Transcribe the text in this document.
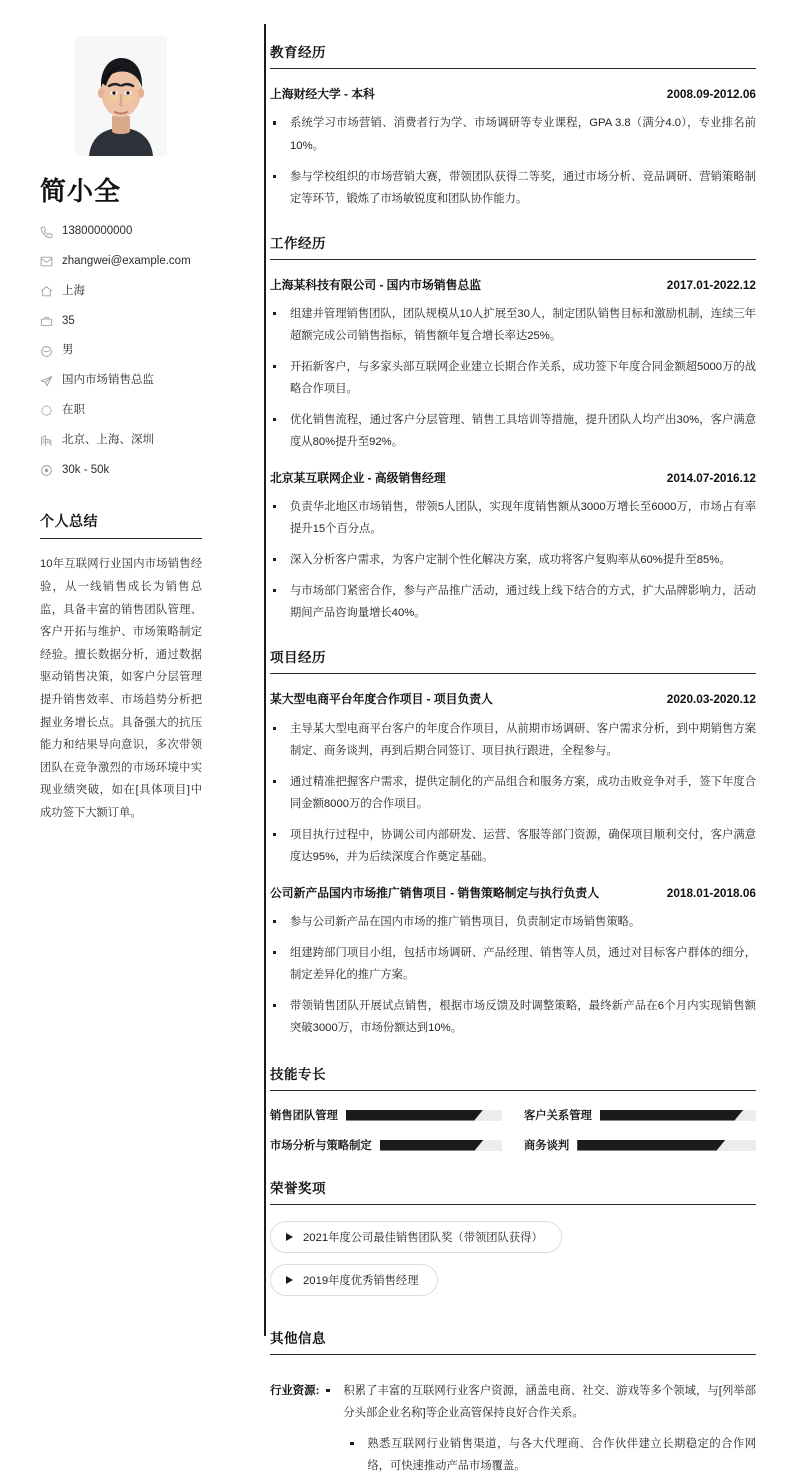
简小全
13800000000
zhangwei@example.com
上海
35
男
国内市场销售总监
在职
北京、上海、深圳
30k - 50k
个人总结

10年互联网行业国内市场销售经验，从一线销售成长为销售总监，具备丰富的销售团队管理、客户开拓与维护、市场策略制定经验。擅长数据分析，通过数据驱动销售决策，如客户分层管理提升销售效率、市场趋势分析把握业务增长点。具备强大的抗压能力和结果导向意识，多次带领团队在竞争激烈的市场环境中实现业绩突破，如在[具体项目]中成功签下大额订单。

教育经历
上海财经大学 - 本科	2008.09-2012.06
系统学习市场营销、消费者行为学、市场调研等专业课程，GPA 3.8（满分4.0），专业排名前10%。
参与学校组织的市场营销大赛，带领团队获得二等奖，通过市场分析、竞品调研、营销策略制定等环节，锻炼了市场敏锐度和团队协作能力。
工作经历
上海某科技有限公司 - 国内市场销售总监	2017.01-2022.12
组建并管理销售团队，团队规模从10人扩展至30人，制定团队销售目标和激励机制，连续三年超额完成公司销售指标，销售额年复合增长率达25%。
开拓新客户，与多家头部互联网企业建立长期合作关系，成功签下年度合同金额超5000万的战略合作项目。
优化销售流程，通过客户分层管理、销售工具培训等措施，提升团队人均产出30%，客户满意度从80%提升至92%。
北京某互联网企业 - 高级销售经理	2014.07-2016.12
负责华北地区市场销售，带领5人团队，实现年度销售额从3000万增长至6000万，市场占有率提升15个百分点。
深入分析客户需求，为客户定制个性化解决方案，成功将客户复购率从60%提升至85%。
与市场部门紧密合作，参与产品推广活动，通过线上线下结合的方式，扩大品牌影响力，活动期间产品咨询量增长40%。
项目经历
某大型电商平台年度合作项目 - 项目负责人	2020.03-2020.12
主导某大型电商平台客户的年度合作项目，从前期市场调研、客户需求分析，到中期销售方案制定、商务谈判，再到后期合同签订、项目执行跟进，全程参与。
通过精准把握客户需求，提供定制化的产品组合和服务方案，成功击败竞争对手，签下年度合同金额8000万的合作项目。
项目执行过程中，协调公司内部研发、运营、客服等部门资源，确保项目顺利交付，客户满意度达95%，并为后续深度合作奠定基础。
公司新产品国内市场推广销售项目 - 销售策略制定与执行负责人	2018.01-2018.06
参与公司新产品在国内市场的推广销售项目，负责制定市场销售策略。
组建跨部门项目小组，包括市场调研、产品经理、销售等人员，通过对目标客户群体的细分，制定差异化的推广方案。
带领销售团队开展试点销售，根据市场反馈及时调整策略，最终新产品在6个月内实现销售额突破3000万，市场份额达到10%。
技能专长
销售团队管理	客户关系管理
市场分析与策略制定	商务谈判
荣誉奖项
2021年度公司最佳销售团队奖（带领团队获得）
2019年度优秀销售经理
其他信息
行业资源:	积累了丰富的互联网行业客户资源，涵盖电商、社交、游戏等多个领域，与[列举部分头部企业名称]等企业高管保持良好合作关系。
熟悉互联网行业销售渠道，与各大代理商、合作伙伴建立长期稳定的合作网络，可快速推动产品市场覆盖。
